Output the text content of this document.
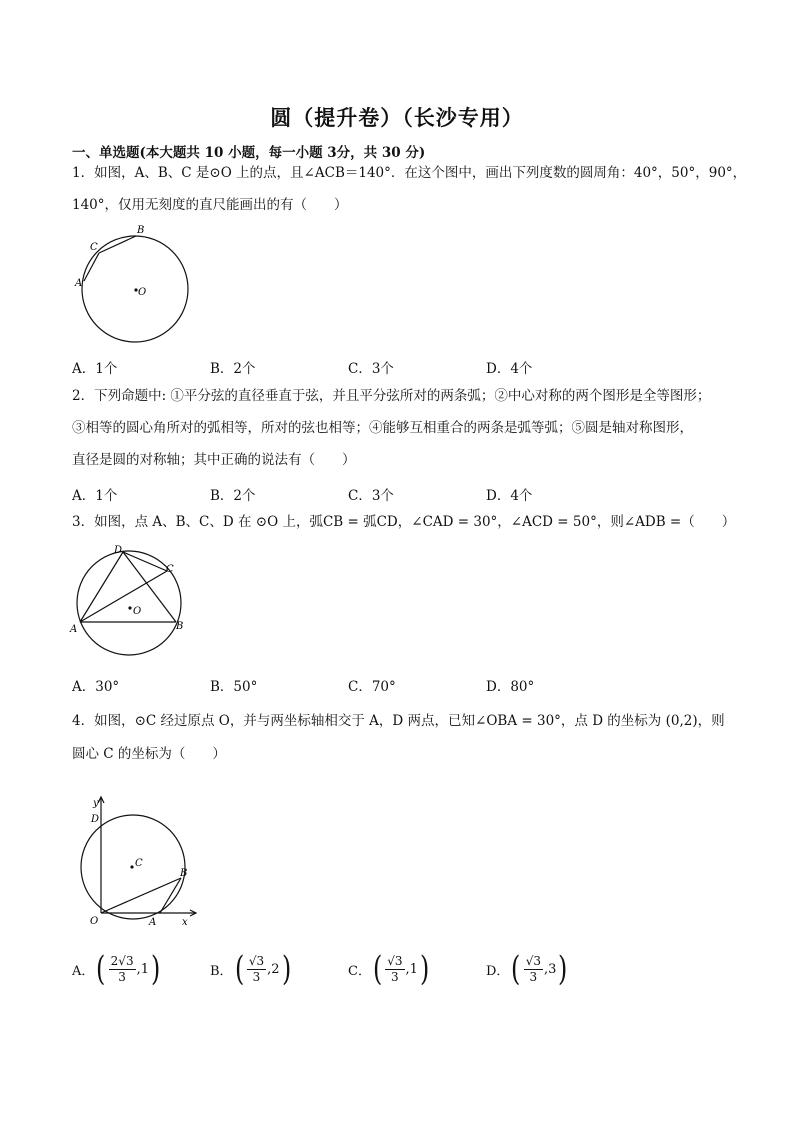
圆（提升卷）（长沙专用）
一、单选题(本大题共 10 小题，每一小题 3分，共 30 分)
1．如图，A、B、C 是⊙O 上的点，且∠ACB＝140°．在这个图中，画出下列度数的圆周角：40°，50°，90°，
140°，仅用无刻度的直尺能画出的有（　　）
A
C
B
O
A．1个	B．2个	C．3个	D．4个
2．下列命题中: ①平分弦的直径垂直于弦，并且平分弦所对的两条弧；②中心对称的两个图形是全等图形；
③相等的圆心角所对的弧相等，所对的弦也相等；④能够互相重合的两条是弧等弧；⑤圆是轴对称图形，
直径是圆的对称轴；其中正确的说法有（　　）
A．1个	B．2个	C．3个	D．4个
3．如图，点 A、B、C、D 在 ⊙O 上，弧CB = 弧CD，∠CAD = 30°，∠ACD = 50°，则∠ADB =（　　）
A	B
C
D
O
A．30°	B．50°	C．70°	D．80°
4．如图，⊙C 经过原点 O，并与两坐标轴相交于 A，D 两点，已知∠OBA = 30°，点 D 的坐标为 (0,2)，则
圆心 C 的坐标为（　　）
y
x
D
C
B
O	A
A． ( $\frac{2√3}{3} ,1$ )	B． ( $\frac{√3}{3} ,2$ )	C． ( $\frac{√3}{3} ,1$ )	D． ( $\frac{√3}{3} ,3$ )
